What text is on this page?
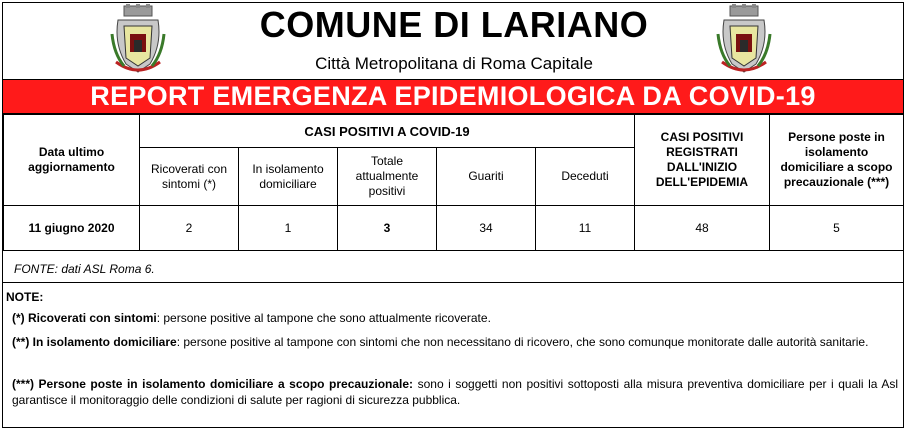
COMUNE DI LARIANO
Città Metropolitana di Roma Capitale
REPORT EMERGENZA EPIDEMIOLOGICA DA COVID-19
Data ultimo aggiornamento	CASI POSITIVI A COVID-19					CASI POSITIVI REGISTRATI DALL'INIZIO DELL'EPIDEMIA	Persone poste in isolamento domiciliare a scopo precauzionale (***)
	Ricoverati con sintomi (*)	In isolamento domiciliare	Totale attualmente positivi	Guariti	Deceduti		
11 giugno 2020	2	1	3	34	11	48	5
FONTE: dati ASL Roma 6.
NOTE:
(*) Ricoverati con sintomi: persone positive al tampone che sono attualmente ricoverate.
(**) In isolamento domiciliare: persone positive al tampone con sintomi che non necessitano di ricovero, che sono comunque monitorate dalle autorità sanitarie.
(***) Persone poste in isolamento domiciliare a scopo precauzionale: sono i soggetti non positivi sottoposti alla misura preventiva domiciliare per i quali la Asl garantisce il monitoraggio delle condizioni di salute per ragioni di sicurezza pubblica.
